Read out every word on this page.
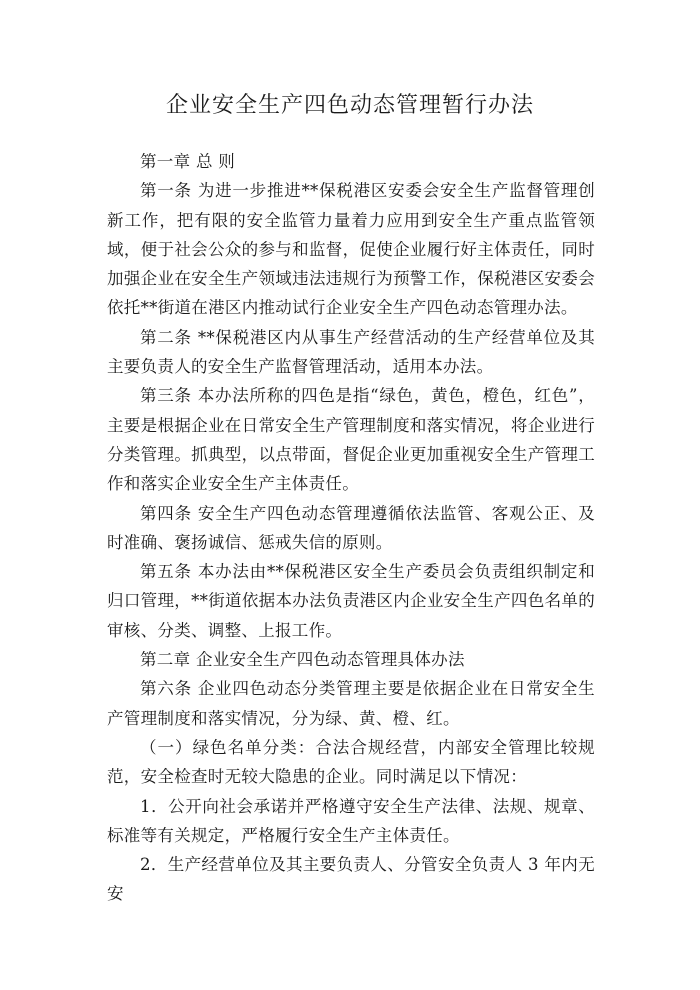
企业安全生产四色动态管理暂行办法

第一章 总 则

第一条 为进一步推进**保税港区安委会安全生产监督管理创新工作，把有限的安全监管力量着力应用到安全生产重点监管领域，便于社会公众的参与和监督，促使企业履行好主体责任，同时加强企业在安全生产领域违法违规行为预警工作，保税港区安委会依托**街道在港区内推动试行企业安全生产四色动态管理办法。

第二条 **保税港区内从事生产经营活动的生产经营单位及其主要负责人的安全生产监督管理活动，适用本办法。

第三条 本办法所称的四色是指“绿色，黄色，橙色，红色”，主要是根据企业在日常安全生产管理制度和落实情况，将企业进行分类管理。抓典型，以点带面，督促企业更加重视安全生产管理工作和落实企业安全生产主体责任。

第四条 安全生产四色动态管理遵循依法监管、客观公正、及时准确、褒扬诚信、惩戒失信的原则。

第五条 本办法由**保税港区安全生产委员会负责组织制定和归口管理，**街道依据本办法负责港区内企业安全生产四色名单的审核、分类、调整、上报工作。

第二章 企业安全生产四色动态管理具体办法

第六条 企业四色动态分类管理主要是依据企业在日常安全生产管理制度和落实情况，分为绿、黄、橙、红。

（一）绿色名单分类：合法合规经营，内部安全管理比较规范，安全检查时无较大隐患的企业。同时满足以下情况：

1．公开向社会承诺并严格遵守安全生产法律、法规、规章、标准等有关规定，严格履行安全生产主体责任。

2．生产经营单位及其主要负责人、分管安全负责人 3 年内无安
